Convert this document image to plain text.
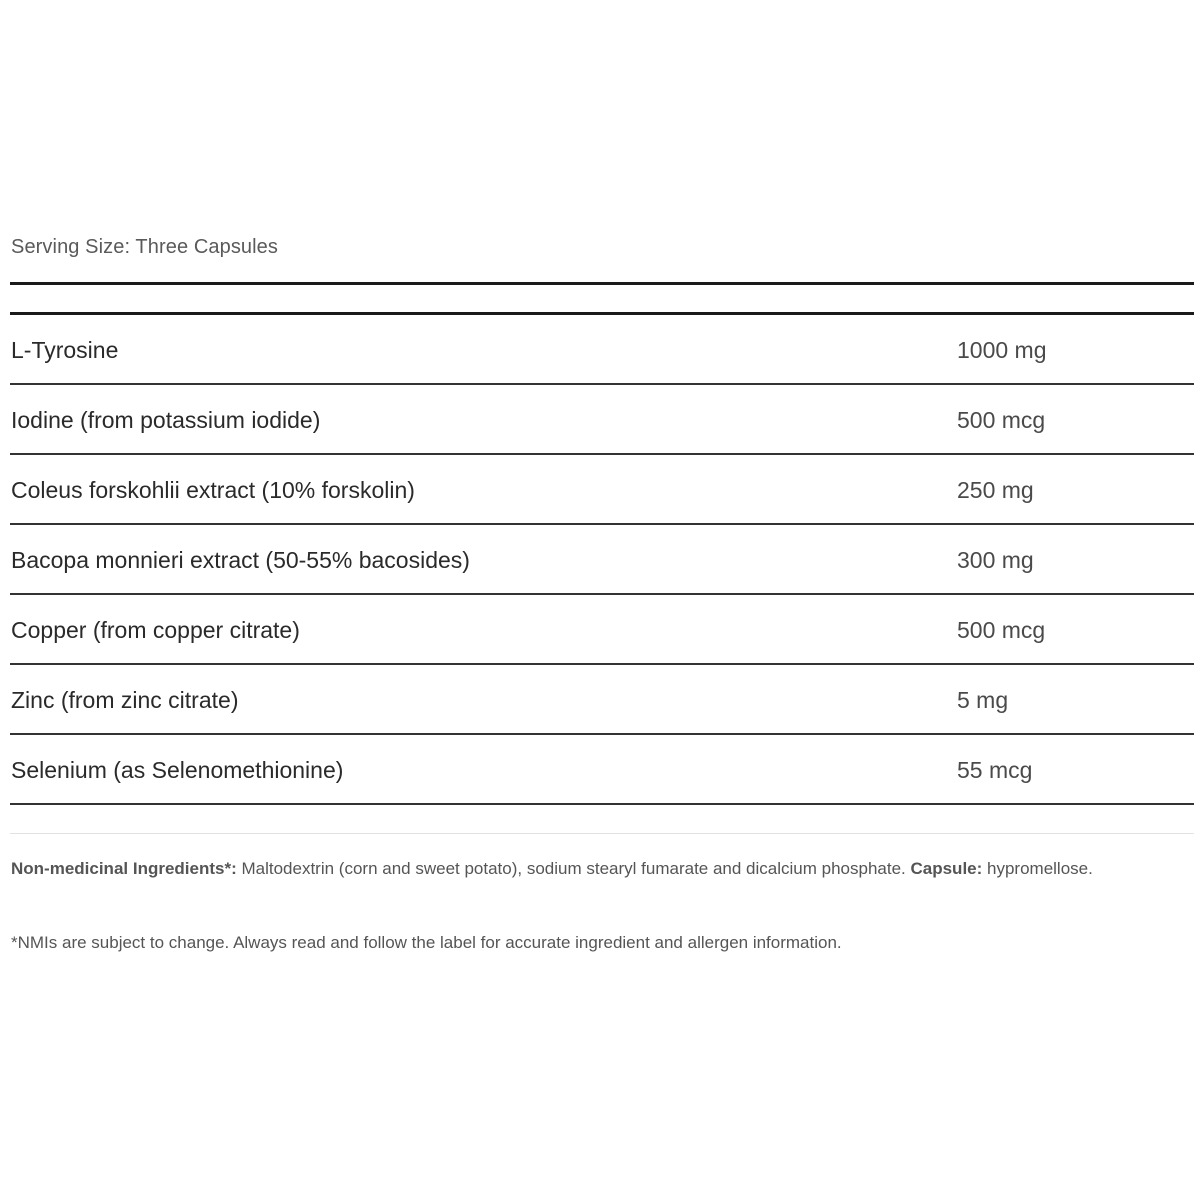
Serving Size: Three Capsules
L-Tyrosine	1000 mg
Iodine (from potassium iodide)	500 mcg
Coleus forskohlii extract (10% forskolin)	250 mg
Bacopa monnieri extract (50-55% bacosides)	300 mg
Copper (from copper citrate)	500 mcg
Zinc (from zinc citrate)	5 mg
Selenium (as Selenomethionine)	55 mcg
Non-medicinal Ingredients*: Maltodextrin (corn and sweet potato), sodium stearyl fumarate and dicalcium phosphate. Capsule: hypromellose.
*NMIs are subject to change. Always read and follow the label for accurate ingredient and allergen information.
